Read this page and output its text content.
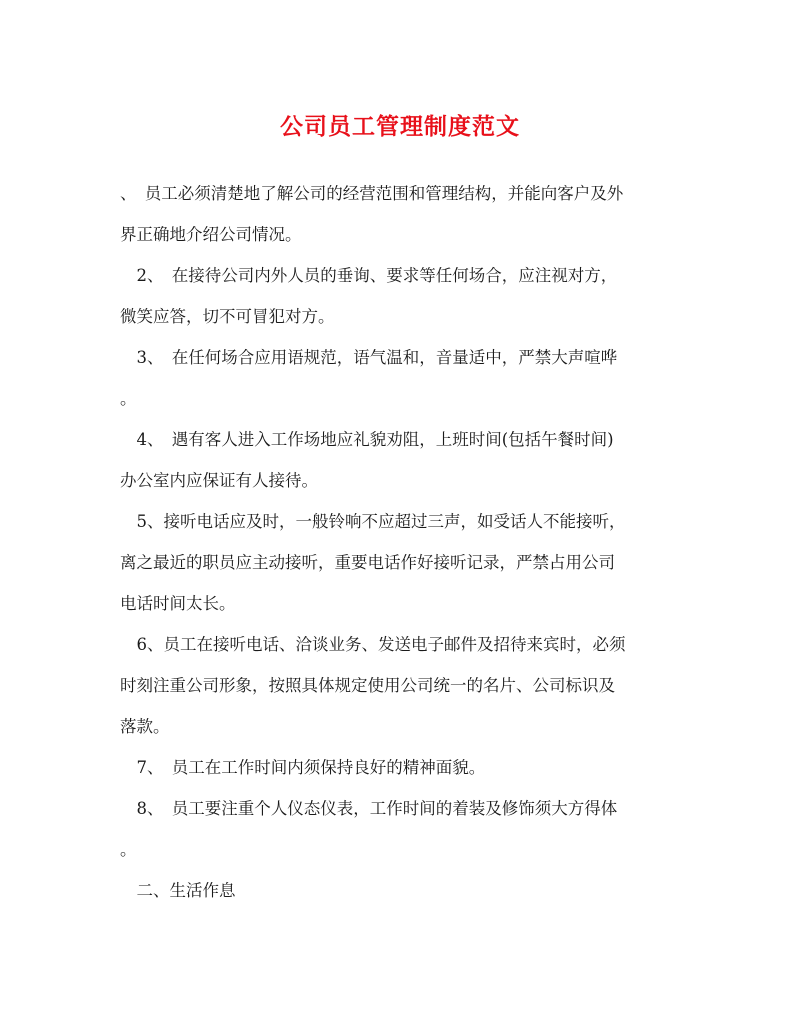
公司员工管理制度范文
、　员工必须清楚地了解公司的经营范围和管理结构，并能向客户及外
界正确地介绍公司情况。
　2、　在接待公司内外人员的垂询、要求等任何场合，应注视对方，
微笑应答，切不可冒犯对方。
　3、　在任何场合应用语规范，语气温和，音量适中，严禁大声喧哗
。
　4、　遇有客人进入工作场地应礼貌劝阻，上班时间(包括午餐时间)
办公室内应保证有人接待。
　5、接听电话应及时，一般铃响不应超过三声，如受话人不能接听，
离之最近的职员应主动接听，重要电话作好接听记录，严禁占用公司
电话时间太长。
　6、员工在接听电话、洽谈业务、发送电子邮件及招待来宾时，必须
时刻注重公司形象，按照具体规定使用公司统一的名片、公司标识及
落款。
　7、　员工在工作时间内须保持良好的精神面貌。
　8、　员工要注重个人仪态仪表，工作时间的着装及修饰须大方得体
。
　二、生活作息
